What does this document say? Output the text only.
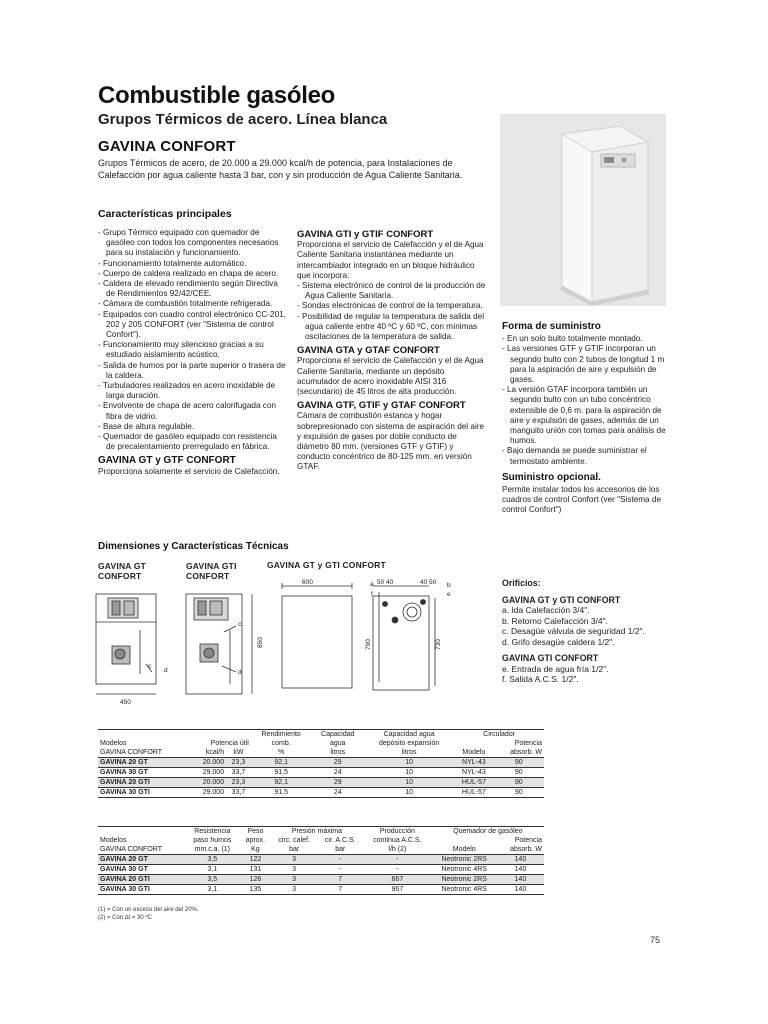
Combustible gasóleo
Grupos Térmicos de acero. Línea blanca
GAVINA CONFORT
Grupos Térmicos de acero, de 20.000 a 29.000 kcal/h de potencia, para Instalaciones de Calefacción por agua caliente hasta 3 bar, con y sin producción de Agua Caliente Sanitaria.
Características principales
- Grupo Térmico equipado con quemador de gasóleo con todos los componentes necesarios para su instalación y funcionamiento.
- Funcionamiento totalmente automático.
- Cuerpo de caldera realizado en chapa de acero.
- Caldera de elevado rendimiento según Directiva de Rendimientos 92/42/CEE.
- Cámara de combustión totalmente refrigerada.
- Equipados con cuadro control electrónico CC-201, 202 y 205 CONFORT (ver "Sistema de control Confort").
- Funcionamiento muy silencioso gracias a su estudiado aislamiento acústico.
- Salida de humos por la parte superior o trasera de la caldera.
- Turbuladores realizados en acero inoxidable de larga duración.
- Envolvente de chapa de acero calorifugada con fibra de vidrio.
- Base de altura regulable.
- Quemador de gasóleo equipado con resistencia de precalentamiento prerregulado en fábrica.
GAVINA GT y GTF CONFORT
Proporciona solamente el servicio de Calefacción.
GAVINA GTI y GTIF CONFORT
Proporciona el servicio de Calefacción y el de Agua Caliente Sanitaria instantánea mediante un intercambiador integrado en un bloque hidráulico que incorpora:
- Sistema electrónico de control de la producción de Agua Caliente Sanitaria.
- Sondas electrónicas de control de la temperatura.
- Posibilidad de regular la temperatura de salida del agua caliente entre 40 ºC y 60 ºC, con mínimas oscilaciones de la temperatura de salida.
GAVINA GTA y GTAF CONFORT
Proporciona el servicio de Calefacción y el de Agua Caliente Sanitaria, mediante un depósito acumulador de acero inoxidable AISI 316 (secundario) de 45 litros de alta producción.
GAVINA GTF, GTIF y GTAF CONFORT
Cámara de combustión estanca y hogar sobrepresionado con sistema de aspiración del aire y expulsión de gases por doble conducto de diámetro 80 mm. (versiones GTF y GTIF) y conducto concéntrico de 80-125 mm. en versión GTAF.
Forma de suministro
- En un solo bulto totalmente montado.
- Las versiones GTF y GTIF incorporan un segundo bulto con 2 tubos de longitud 1 m para la aspiración de aire y expulsión de gases.
- La versión GTAF incorpora también un segundo bulto con un tubo concéntrico extensible de 0,6 m. para la aspiración de aire y expulsión de gases, además de un manguito unión con tomas para análisis de humos.
- Bajo demanda se puede suministrar el termostato ambiente.
Suministro opcional.
Permite instalar todos los accesorios de los cuadros de control Confort (ver "Sistema de control Confort")
Dimensiones y Características Técnicas
GAVINA GT CONFORT
GAVINA GTI CONFORT
GAVINA GT y GTI CONFORT
450
600
850	790	730
50 40	40 50
a	b
c
c
d	d
e
f
Orificios:
GAVINA GT y GTI CONFORT
a. Ida Calefacción 3/4".
b. Retorno Calefacción 3/4".
c. Desagüe válvula de seguridad 1/2".
d. Grifo desagüe caldera 1/2".
GAVINA GTI CONFORT
e. Entrada de agua fría 1/2".
f. Salida A.C.S. 1/2".
			Rendimiento	Capacidad	Capacidad agua	Circulador	
Modelos	Potencia útil		comb.	agua	depósito expansión		Potencia
GAVINA CONFORT	kcal/h	kW	%	litros	litros	Modelo	absorb. W
GAVINA 20 GT	20.000	23,3	92,1	29	10	NYL-43	90
GAVINA 30 GT	29.000	33,7	91,5	24	10	NYL-43	90
GAVINA 20 GTI	20.000	23,3	92,1	29	10	HUL-57	90
GAVINA 30 GTI	29.000	33,7	91,5	24	10	HUL-57	90
	Resistencia	Peso	Presión máxima		Producción	Quemador de gasóleo	
Modelos	paso humos	aprox.	circ. calef.	cir. A.C.S.	continua A.C.S.		Potencia
GAVINA CONFORT	mm.c.a. (1)	Kg	bar	bar	l/h (2)	Modelo	absorb. W
GAVINA 20 GT	3,5	122	3	-	-	Neotronic 2RS	140
GAVINA 30 GT	3,1	131	3	-	-	Neotronic 4RS	140
GAVINA 20 GTI	3,5	126	3	7	667	Neotronic 2RS	140
GAVINA 30 GTI	3,1	135	3	7	967	Neotronic 4RS	140
(1) = Con un exceso del aire del 20%.
(2) = Con ∆t = 30 ºC
75
